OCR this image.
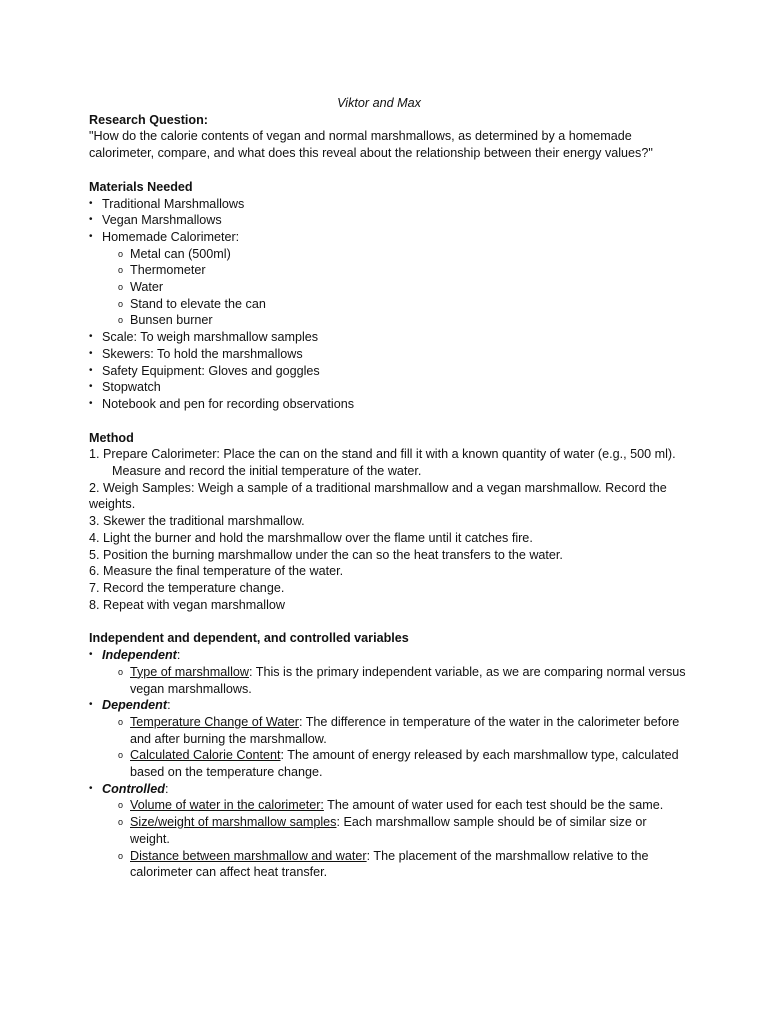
Viktor and Max

Research Question:

"How do the calorie contents of vegan and normal marshmallows, as determined by a homemade calorimeter, compare, and what does this reveal about the relationship between their energy values?"

Materials Needed

• Traditional Marshmallows
• Vegan Marshmallows
• Homemade Calorimeter:
o Metal can (500ml)
o Thermometer
o Water
o Stand to elevate the can
o Bunsen burner
• Scale: To weigh marshmallow samples
• Skewers: To hold the marshmallows
• Safety Equipment: Gloves and goggles
• Stopwatch
• Notebook and pen for recording observations

Method

1. Prepare Calorimeter: Place the can on the stand and fill it with a known quantity of water (e.g., 500 ml). Measure and record the initial temperature of the water.
2. Weigh Samples: Weigh a sample of a traditional marshmallow and a vegan marshmallow. Record the weights.
3. Skewer the traditional marshmallow.
4. Light the burner and hold the marshmallow over the flame until it catches fire.
5. Position the burning marshmallow under the can so the heat transfers to the water.
6. Measure the final temperature of the water.
7. Record the temperature change.
8. Repeat with vegan marshmallow

Independent and dependent, and controlled variables

• Independent:
o Type of marshmallow: This is the primary independent variable, as we are comparing normal versus vegan marshmallows.
• Dependent:
o Temperature Change of Water: The difference in temperature of the water in the calorimeter before and after burning the marshmallow.
o Calculated Calorie Content: The amount of energy released by each marshmallow type, calculated based on the temperature change.
• Controlled:
o Volume of water in the calorimeter: The amount of water used for each test should be the same.
o Size/weight of marshmallow samples: Each marshmallow sample should be of similar size or weight.
o Distance between marshmallow and water: The placement of the marshmallow relative to the calorimeter can affect heat transfer.
